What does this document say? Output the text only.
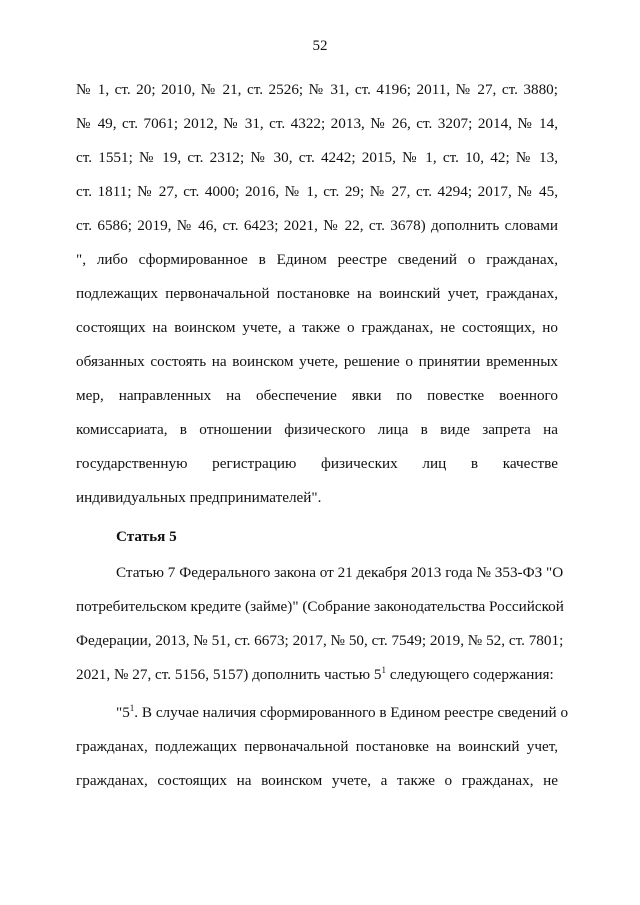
52
№ 1, ст. 20; 2010, № 21, ст. 2526; № 31, ст. 4196; 2011, № 27, ст. 3880;
№ 49, ст. 7061; 2012, № 31, ст. 4322; 2013, № 26, ст. 3207; 2014, № 14,
ст. 1551; № 19, ст. 2312; № 30, ст. 4242; 2015, № 1, ст. 10, 42; № 13,
ст. 1811; № 27, ст. 4000; 2016, № 1, ст. 29; № 27, ст. 4294; 2017, № 45,
ст. 6586; 2019, № 46, ст. 6423; 2021, № 22, ст. 3678) дополнить словами
", либо сформированное в Едином реестре сведений о гражданах,
подлежащих первоначальной постановке на воинский учет, гражданах,
состоящих на воинском учете, а также о гражданах, не состоящих, но
обязанных состоять на воинском учете, решение о принятии временных
мер, направленных на обеспечение явки по повестке военного
комиссариата, в отношении физического лица в виде запрета на
государственную регистрацию физических лиц в качестве
индивидуальных предпринимателей".
Статья 5
Статью 7 Федерального закона от 21 декабря 2013 года № 353-ФЗ "О
потребительском кредите (займе)" (Собрание законодательства Российской
Федерации, 2013, № 51, ст. 6673; 2017, № 50, ст. 7549; 2019, № 52, ст. 7801;
2021, № 27, ст. 5156, 5157) дополнить частью $5^1$ следующего содержания:
"$5^1$. В случае наличия сформированного в Едином реестре сведений о
гражданах, подлежащих первоначальной постановке на воинский учет,
гражданах, состоящих на воинском учете, а также о гражданах, не
